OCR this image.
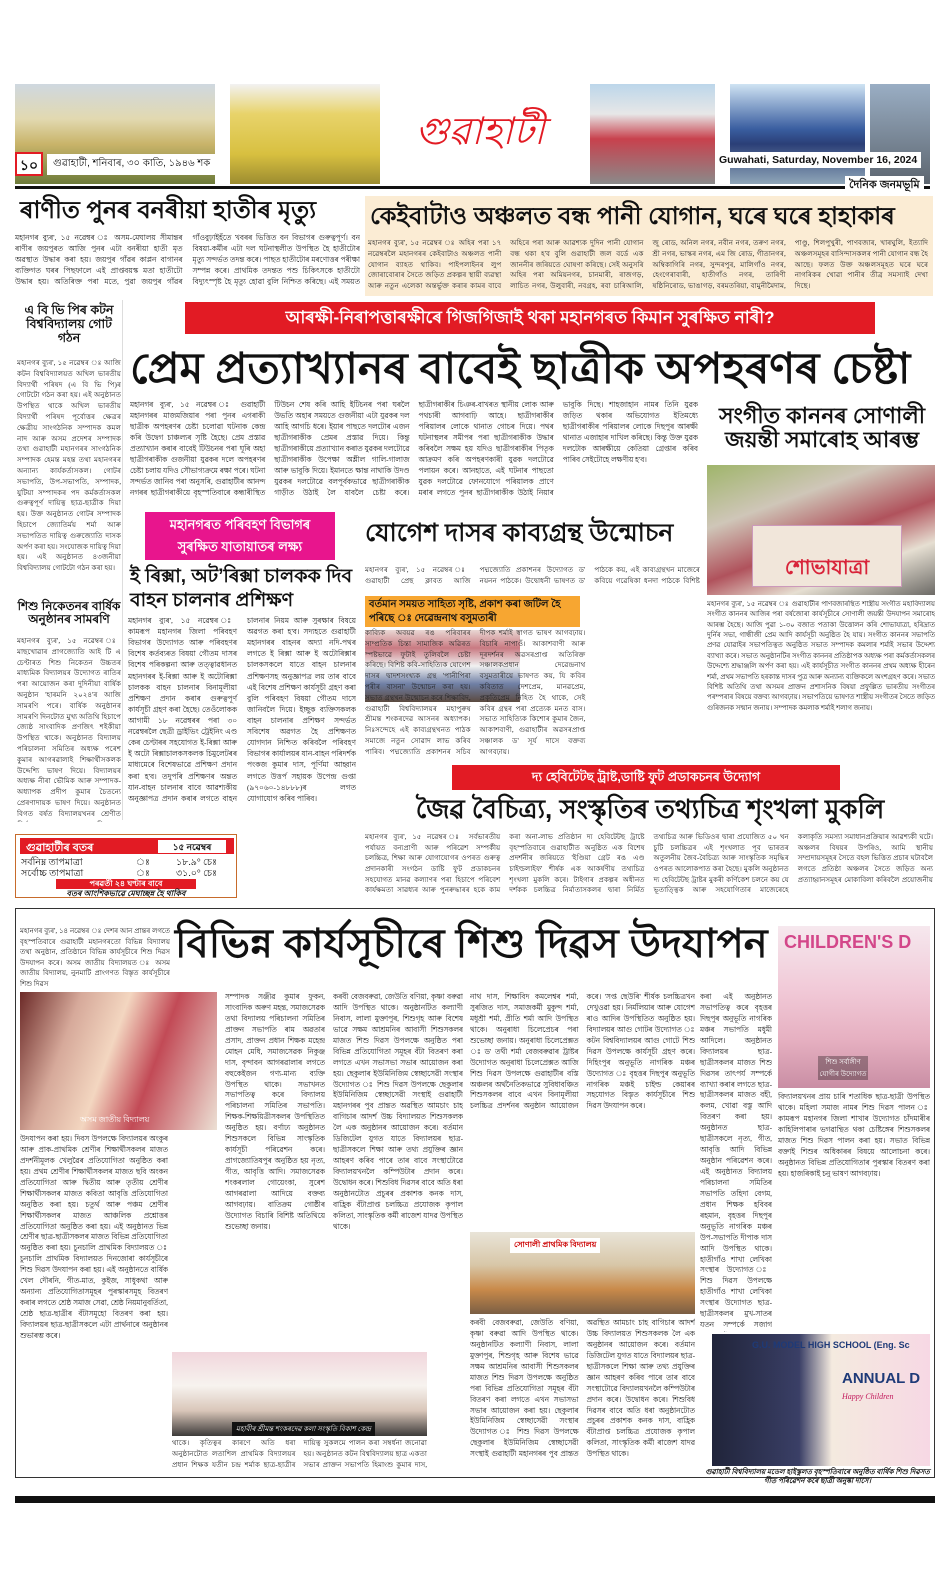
গুৱাহাটী
১০	গুৱাহাটী, শনিবাৰ, ৩০ কাতি, ১৯৪৬ শক	Guwahati, Saturday, November 16, 2024
দৈনিক জনমভূমি
ৰাণীত পুনৰ বনৰীয়া হাতীৰ মৃত্যু
মহানগৰ ব্যুৰ', ১৫ নৱেম্বৰ ঃ অসম-মেঘালয় সীমান্তৰ ৰাণীৰ জয়পুৰত আজি পুনৰ এটা বনৰীয়া হাতী মৃত অৱস্থাত উদ্ধাৰ কৰা হয়। জয়পুৰ গাঁৱৰ কাপ্লন বাগানৰ ব্যক্তিগত ঘৰৰ পিছফালে এই প্ৰাপ্তবয়স্ক মতা হাতীটো উদ্ধাৰ হয়। অতিৰিক্ত পৰা মতে, পুৱা জয়পুৰ গাঁৱৰ গাঁওবুঢ়াইহঁতে খবৰৰ ভিত্তিত বন বিভাগৰ গুৰুত্বপূৰ্ণ। বন বিষয়া-কৰ্মীৰ এটা দল ঘটনাস্থলীত উপস্থিত হৈ হাতীটোৰ মৃত্যু সন্দৰ্ভত তদন্ত কৰে। পাছত হাতীটোৰ মৰণোত্তৰ পৰীক্ষা সম্পন্ন কৰে। প্ৰাথমিক তদন্তত পশু চিকিৎসকে হাতীটো বিদ্যুৎস্পৃষ্ট হৈ মৃত্যু হোৱা বুলি নিশ্চিত কৰিছে। এই সময়ত
কেইবাটাও অঞ্চলত বন্ধ পানী যোগান, ঘৰে ঘৰে হাহাকাৰ
মহানগৰ ব্যুৰ', ১৫ নৱেম্বৰ ঃ অহিৰ পৰা ১৭ নৱেম্বৰলৈ মহানগৰৰ কেইবাটাও অঞ্চলত পানী যোগান ব্যাহত থাকিব। পাইপলাইনৰ লুপ জোৰাবোৰাৰ সৈতে জড়িত প্ৰকল্পৰ স্থায়ী ব্যৱস্থা আৰু নতুন এলেকা অন্তৰ্ভুক্ত কৰাৰ কামৰ বাবে অহিৰে পৰা আৰু আৱশ্যক দুদিন পানী যোগান বন্ধ থকা হ'ব বুলি গুৱাহাটী জল বৰ্ডে এক জাননীৰ জৰিয়তে ঘোষণা কৰিছে। সেই অনুসৰি অহিৰ পৰা অমিয়নগৰ, চানমাৰী, ৰাজগড়, লাচিত নগৰ, উলুবাৰী, নবগ্ৰহ, ৰবা চাৰিআলি, জু ৰোড, অনিল নগৰ, নবীন নগৰ, তৰুণ নগৰ, শ্ৰী নগৰ, ভাস্কৰ নগৰ, এম জি ৰোড, গীতানগৰ, অম্বিকাগিৰি নগৰ, সুন্দৰপুৰ, মালিগাঁও নগৰ, হেংগেৰাবাৰী, হাতীগাঁও নগৰ, তাৰিণী ষষ্ঠিনিৰোড, ভাঙাগড়, বৰমতৰিয়া, বামুনীমৈদাম, পাণ্ডু, শিলপুখুৰী, পাণবজাৰ, খাৰঘুলি, ইত্যাদি অঞ্চলসমূহৰ বাসিন্দাসকলৰ পানী যোগান বন্ধ হৈ আছে। ফলত উক্ত অঞ্চলসমূহত ঘৰে ঘৰে নাগৰিকৰ খোৱা পানীৰ তীব্ৰ সমস্যাই দেখা দিছে।
আৰক্ষী-নিৰাপত্তাৰক্ষীৰে গিজগিজাই থকা মহানগৰত কিমান সুৰক্ষিত নাৰী?
এ বি ভি পিৰ কটন বিশ্ববিদ্যালয় গোট গঠন
মহানগৰ ব্যুৰ', ১৫ নৱেম্বৰ ঃ আজি কটন বিশ্ববিদ্যালয়ত অখিল ভাৰতীয় বিদ্যাৰ্থী পৰিষদ (এ বি ভি পি)ৰ গোটটো গঠন কৰা হয়। এই অনুষ্ঠানত উপস্থিত থাকে অখিল ভাৰতীয় বিদ্যাৰ্থী পৰিষদ পূৰ্বোত্তৰ ক্ষেত্ৰৰ ক্ষেত্ৰীয় সাংগঠনিক সম্পাদক কমল নাদ আৰু অসম প্ৰদেশৰ সম্পাদক তথা গুৱাহাটী মহানগৰৰ সাংগঠনিক সম্পাদক হেমন্ত মহন্ত তথা মহানগৰৰ অন্যান্য কাৰ্যকৰ্তাসকল। গোটৰ সভাপতি, উপ-সভাপতি, সম্পাদক, যুটিয়া সম্পাদকৰ পদ কৰ্মকৰ্তাসকল গুৰুত্বপূৰ্ণ দায়িত্ব ছাত্ৰ-ছাত্ৰীক দিয়া হয়। উক্ত অনুষ্ঠানত গোটৰ সম্পাদক হিচাপে জ্যোতিৰ্ময় শৰ্মা আৰু সভাপতিত দায়িত্ব গুৰুজ্যোতি দাসক অৰ্পণ কৰা হয়। সংযোজক দায়িত্ব দিয়া হয়। এই অনুষ্ঠানত ৪৩জনীয়া বিশ্ববিদ্যালয় গোটটো গঠন কৰা হয়।
শিশু নিকেতনৰ বাৰ্ষিক অনুষ্ঠানৰ সামৰণি
মহানগৰ ব্যুৰ', ১৫ নৱেম্বৰ ঃ মাছখোৱাৰ প্ৰাগজ্যোতি আই টি এ চেণ্টাৰত শিশু নিকেতন উচ্চতৰ মাধ্যমিক বিদ্যালয়ৰ উদ্যোগত ৰাতিৰ পৰা আয়োজন কৰা দুদিনীয়া বাৰ্ষিক অনুষ্ঠান 'হাৰমনি ২০২৪'ৰ আজি সামৰণি পৰে। বাৰ্ষিক অনুষ্ঠানৰ সামৰণি দিনটোত মুখ্য অতিথি হিচাপে জ্যেষ্ঠ সাংবাদিক প্ৰণজিৎ শইকীয়া উপস্থিত থাকে। অনুষ্ঠানত বিদ্যালয় পৰিচালনা সমিতিৰ অধ্যক্ষ পৰেশ কুমাৰ আগৰৱালাই শিক্ষাৰ্থীসকলক উদ্দেশ্যি ভাষণ দিয়ে। বিদ্যালয়ৰ অধ্যক্ষ নীৰা ভৌমিক আৰু সম্পাদক-অধ্যাপক প্ৰদীপ কুমাৰ চৈতন্যে প্ৰেৰণাদায়ক ভাষণ দিয়ে। অনুষ্ঠানত বিগত বৰ্ষত বিদ্যালয়খনৰ শ্ৰেণীত
প্ৰেম প্ৰত্যাখ্যানৰ বাবেই ছাত্ৰীক অপহৰণৰ চেষ্টা
মহানগৰ ব্যুৰ', ১৫ নৱেম্বৰ ঃ গুৱাহাটী মহানগৰৰ মাজমজিয়াৰ পৰা পুনৰ এগৰাকী ছাত্ৰীক অপহৰণৰ চেষ্টা চলোৱা ঘটনাক কেন্দ্ৰ কৰি উদ্বেগ চাঞ্চল্যৰ সৃষ্টি হৈছে। প্ৰেম প্ৰস্তাৱ প্ৰত্যাখ্যান কৰাৰ বাবেই টিউচনৰ পৰা ঘূৰি অহা ছাত্ৰীগৰাকীক গুজনীয়া যুৱকৰ দলে অপহৰণৰ চেষ্টা চলায় যদিও সৌভাগ্যক্ৰমে ৰক্ষা পৰে। ঘটনা সন্দৰ্ভত জানিব পৰা অনুসৰি, গুৱাহাটীৰ আনন্দ নগৰৰ ছাত্ৰীগৰাকীয়ে বৃহস্পতিবাৰে কন্ধাৰীস্থিত টিউচন শেষ কৰি আহি ইটিচনৰ পৰা ঘৰলৈ উভতি অহাৰ সময়তে গুজনীয়া এটা যুৱকৰ দল আহি আগচি ধৰে। ইয়াৰ পাছতে দলটোৰ এজন ছাত্ৰীগৰাকীক প্ৰেমৰ প্ৰস্তাৱ দিয়ে। কিন্তু ছাত্ৰীগৰাকীয়ে প্ৰত্যাখ্যান কৰাত যুৱকৰ দলটোৱে ছাত্ৰীগৰাকীক উপেক্ষা অশ্লীল গালি-গালাজ আৰু ভাবুকি দিয়ে। ইমানতে ক্ষান্ত নাথাকি উদণ্ড যুৱকৰ দলটোৱে বলপূৰ্বকভাৱে ছাত্ৰীগৰাকীক গাড়ীত উঠাই লৈ যাবলৈ চেষ্টা কৰে। ছাত্ৰীগৰাকীৰ চিঞৰ-বাখৰত স্থানীয় লোক আৰু পথচাৰী আগবাঢ়ি আহে। ছাত্ৰীগৰাকীৰ পৰিয়ালৰ লোকে থানাত গোচৰ দিয়ে। পথৰ ঘটনাস্থলৰ সমীপৰ পৰা ছাত্ৰীগৰাকীক উদ্ধাৰ কৰিবলৈ সক্ষম হয় যদিও ছাত্ৰীগৰাকীৰ পিতৃক আক্ৰমণ কৰি অপহৰণকাৰী যুৱক দলটোৱে পলায়ন কৰে। আনহাতে, এই ঘটনাৰ পাছতো যুৱক দলটোৱে ফোনযোগে পৰিয়ালক প্ৰাণে মৰাৰ লগতে পুনৰ ছাত্ৰীগৰাকীক উঠাই নিয়াৰ ভাবুকি দিছে। শাহজাহান নামৰ তিনি যুৱক জড়িত থকাৰ অভিযোগত ইতিমধ্যে ছাত্ৰীগৰাকীৰ পৰিয়ালৰ লোকে দিছপুৰ আৰক্ষী থানাত এজাহাৰ দাখিল কৰিছে। কিন্তু উক্ত যুৱক দলটোক আৰক্ষীয়ে কেতিয়া গ্ৰেপ্তাৰ কৰিব পাৰিব সেইটোহে লক্ষণীয় হ'ব।
সংগীত কাননৰ সোণালী জয়ন্তী সমাৰোহ আৰম্ভ
শোভাযাত্ৰা
মহানগৰ ব্যুৰ', ১৫ নৱেম্বৰ ঃ গুৱাহাটীৰ পাণবজাৰস্থিত শাস্ত্ৰীয় সংগীত মহাবিদ্যালয় সংগীত কাননৰ আজিৰ পৰা বৰ্ষজোৰা কাৰ্যসূচীৰে সোণালী জয়ন্তী উদযাপন সমাৰোহ আৰম্ভ হৈছে। আজি পুৱা ১-৩০ বজাত পতাকা উত্তোলন কৰি শোভাযাত্ৰা, হৰিদ্ৰাত দুৰ্নিৰ সভা, গান্ধীজী প্ৰেম আদি কাৰ্যসূচী অনুষ্ঠিত হৈ যায়। সংগীত কাননৰ সভাপতি প্ৰণৱ যোৱাইৰ সভাপতিত্বত অনুষ্ঠিত সভাত সম্পাদক কমলাৰ শৰ্মাই সভাৰ উদ্দেশ্য ব্যাখ্যা কৰে। সভাত অনুষ্ঠানটিৰ সংগীত কাননৰ প্ৰতিষ্ঠাপক অধ্যক্ষ পৰা কৰ্মকৰ্তাসকলৰ উদ্দেশ্যে শ্ৰদ্ধাঞ্জলি অৰ্পণ কৰা হয়। এই কাৰ্যসূচীত সংগীত কাননৰ প্ৰথম অধ্যক্ষ হীৰেন শৰ্মা, প্ৰথম সভাপতি হৰকান্ত দাসৰ পুত্ৰ আৰু অন্যান্য ব্যক্তিকলে অংশগ্ৰহণ কৰে। সভাত বিশিষ্ট অতিথি তথা অসমৰ প্ৰাক্তন প্ৰশাসনিক বিষয়া প্ৰফুল্লিত ভাৰতীয় সংগীতৰ পৰম্পৰাৰ বিষয়ে বক্তব্য আগবঢ়ায়। সভাপতিয়ে ভাষণত শাস্ত্ৰীয় সংগীতৰ সৈতে জড়িত গুৰিজনক সন্মান জনায়। সম্পাদক কমলাক শৰ্মাই শলাগ জনায়।
মহানগৰত পৰিবহণ বিভাগৰ
সুৰক্ষিত যাতায়াতৰ লক্ষ্য
ই ৰিক্সা, অটʼৰিক্সা চালকক দিব বাহন চালনাৰ প্ৰশিক্ষণ
মহানগৰ ব্যুৰ', ১৫ নৱেম্বৰ ঃ কামৰূপ মহানগৰ জিলা পৰিবহণ বিভাগৰ উদ্যোগত আৰু পৰিবহণৰ বিশেষ কৰ্তব্যৰত বিষয়া গৌতম দাসৰ বিশেষ পৰিকল্পনা আৰু তত্ত্বাৱধানত মহানগৰৰ ই-ৰিক্সা আৰু ই অটোৰিক্সা চালকক বাহন চালনাৰ বিনামূলীয়া প্ৰশিক্ষণ প্ৰদান কৰাৰ গুৰুত্বপূৰ্ণ কাৰ্যসূচী গ্ৰহণ কৰা হৈছে। তেওঁলোকক আগামী ১৮ নৱেম্বৰৰ পৰা ৩০ নৱেম্বৰলৈ ছেত্ৰী ড্ৰাইভিং ট্ৰেইনিং এণ্ড কেৰ চেণ্টাৰৰ সহযোগত ই-ৰিক্সা আৰু ই অটো ৰিক্সাচালকসকলক চিমুলেটৰৰ মাধ্যমেৰে বিশেষভাৱে প্ৰশিক্ষণ প্ৰদান কৰা হ'ব। তদুপৰি প্ৰশিক্ষণৰ অন্তত যান-বাহন চালনাৰ বাবে আৱশ্যকীয় অনুজ্ঞাপত্ৰ প্ৰদান কৰাৰ লগতে বাহন চালনাৰ নিয়ম আৰু সুৰক্ষাৰ বিষয়ে অৱগত কৰা হ'ব। সদ্যহতে গুৱাহাটী মহানগৰৰ বাহনৰ অদ্যা নদি-পথৰ লগতে ই ৰিক্সা আৰু ই অটোৰিক্সাৰ চালকসকলে যাতে বাহন চালনাৰ প্ৰশিক্ষণসহ অনুজ্ঞাপত্ৰ লয় তাৰ বাবে এই বিশেষ প্ৰশিক্ষণ কাৰ্যসূচী গ্ৰহণ কৰা বুলি পৰিবহণ বিষয়া গৌতম দাসে জানিবলৈ দিয়ে। ইচ্ছুক ব্যক্তিসকলক বাহন চালনাৰ প্ৰশিক্ষণ সন্দৰ্ভত সবিশেষ অৱগত হৈ প্ৰশিক্ষণত যোগদান নিশ্চিত কৰিবলৈ পৰিবহণ বিভাগৰ কাৰ্যালয়ৰ যান-বাহন পৰিদৰ্শক পংকজ কুমাৰ দাস, পূৰ্ণিমা আহ্বান লগতে উত্তৰ্প সহায়ক উপেন্দ্ৰ গুপ্তা (৯৭০৬০-১৪৮৮৮)ৰ লগত যোগাযোগ কৰিব পাৰিব।
যোগেশ দাসৰ কাব্যগ্ৰন্থ উন্মোচন
মহানগৰ ব্যুৰ', ১৫ নৱেম্বৰ ঃ গুৱাহাটী প্ৰেছ ক্লাবত আজি পদ্মজ্যোতি প্ৰকাশনৰ উদ্যোগত ড' নয়নন পাঠকে। উদ্বোধনী ভাষণত ড' পাঠকে কয়, এই কাব্যগ্ৰন্থখন মাজেৰে কবিয়ে গৱেষিকা ধনদা পাঠকে বিশিষ্ট
বৰ্তমান সময়ত সাহিত্য সৃষ্টি, প্ৰকাশ কৰা জটিল হৈ পৰিছে ঃ দেৱেন্দ্ৰনাথ বসুমতাৰী
কাব্যিক অবয়ৱ ৰঙ পৰিবাৰৰ সাম্প্ৰতিক চিন্তা সামাজিক অৱিৰত স্পষ্টভাৱে ফুটাই তুলিবলৈ চেষ্টা কৰিছে। বিশিষ্ট কবি-সাহিত্যিক যোগেশ দাসৰ দ্বাদশসংখ্যক গ্ৰন্থ 'পানীপিৰা পৰীৰ বাসনা' উন্মোচন কৰা হয়। সভাত গ্ৰন্থখন উন্মোচন কৰে শিক্ষাবিদ, গুৱাহাটী বিশ্ববিদ্যালয়ৰ মহাপুৰুষ শ্ৰীমন্ত শংকৰদেৱ আসনৰ অধ্যাপক। নিঃসন্দেহে এই কাব্যগ্ৰন্থখনত পাঠক সমাজে নতুন সোৱাদ লাভ কৰিব পাৰিব। পদ্মজ্যোতি প্ৰকাশনৰ সচিব দীপক শৰ্মাই স্বাগত ভাষণ আগবঢ়ায়। বিচাৰি নাপাওঁ। আকাশবাণী আৰু দূৰদৰ্শনৰ অৱসৰপ্ৰাপ্ত অতিৰিক্ত সঞ্চালকপ্ৰধান দেৱেন্দ্ৰনাথ বসুমতাৰীয়ে ভাষণত কয়, যি কবিৰ কবিতাত দেশপ্ৰেম, মানৱপ্ৰেম, প্ৰকৃতিপ্ৰেম নিহিত হৈ থাকে, সেই কবিৰ গ্ৰন্থৰ পৰা প্ৰত্যেক মনত বাস। সভাত সাহিত্যিক কিশোৰ কুমাৰ জৈন, আকাশবাণী, গুৱাহাটীৰ অৱসৰপ্ৰাপ্ত সঞ্চালক ড' সূৰ্য দাসে বক্তব্য আগবঢ়ায়।
দ্য হেবিটেটছ ট্ৰাষ্ট,ডাষ্টি ফুট প্ৰডাকচনৰ উদ্যোগ
জৈৱ বৈচিত্ৰ্য, সংস্কৃতিৰ তথ্যচিত্ৰ শৃংখলা মুকলি
মহানগৰ ব্যুৰ', ১৫ নৱেম্বৰ ঃ সৰ্বভাৰতীয় পৰ্যায়ত বন্যপ্ৰাণী আৰু পৰিৱেশ সম্পৰ্কীয় চলচ্চিত্ৰ, শিক্ষা আৰু যোগাযোগৰ ওপৰত গুৰুত্ব প্ৰদানকাৰী সংগঠন ডাষ্টি ফুট প্ৰডাকচনৰ সহযোগত মানৱ কল্যাণৰ পৰা হিচাপে পৰিবেশ কাৰ্যক্ষমতা সাৱধ্যৰ আৰু পুনৰুদ্ধাৰৰ হকে কাম কৰা অনা-লাভ প্ৰতিষ্ঠান দ্য হেবিটেটছ ট্ৰাষ্টে বৃহস্পতিবাৰে গুৱাহাটীত অনুষ্ঠিত এক বিশেষ প্ৰদৰ্শনীৰ জৰিয়তে 'ইণ্ডিয়া গ্ৰেট ৰঙ এণ্ড চাইল্ডলাইফ' শীৰ্ষক এক আকৰ্ষণীয় তথ্যচিত্ৰ শৃংখলা মুকলি কৰে। টাইগাৰ প্ৰকল্পৰ অধীনত দৰ্শকক চলচ্চিত্ৰ নিৰ্মাতাসকলৰ দ্বাৰা নিৰ্মিত তথ্যচিত্ৰ আৰু ভিডিওৰ দ্বাৰা প্ৰযোজিত ৫০ খন চুটি চলচ্চিত্ৰৰ এই শৃংখলাত পূব ভাৰতৰ অতুলনীয় জৈব-বৈচিত্ৰ্য আৰু সাংস্কৃতিক সমৃদ্ধিৰ ওপৰত আলোকপাত কৰা হৈছে। মুকলি অনুষ্ঠানত দ্য হেবিটেটছ ট্ৰাষ্টৰ মুকৰী কৰ্ণিকেশ চলনে কয় যে ভূতাত্ত্বিক আৰু সহযোগিতাৰ মাজেৰেহে কলাকৃতি সমস্যা সমাধানপ্ৰক্ৰিয়াৰ আৱশ্যকী ঘটে। অঞ্চলৰ বিষয়ৰ উপৰিও, আমি স্থানীয় সম্প্ৰদায়সমূহৰ সৈতে বহল ভিত্তিত প্ৰচাৰ ঘটাবলৈ লগতে প্ৰতিষ্ঠা অঞ্চলৰ সৈতে জড়িত অন্য প্ৰত্যাহ্বানসমূহৰ মোকাবিলা কৰিবলৈ প্ৰয়োজনীয়
গুৱাহাটীৰ বতৰ	১৫ নৱেম্বৰ
সৰ্বনিম্ন তাপমাত্ৰা	ঃ	১৮.৯° চেঃ
সৰ্বোচ্চ তাপমাত্ৰা	ঃ	৩১.০° চেঃ
পৰৱৰ্তী ২৪ ঘণ্টাৰ বাবে
বতৰ আংশিকভাৱে মেঘাচ্ছন্ন হৈ থাকিব
মহানগৰ ব্যুৰ', ১৪ নৱেম্বৰ ঃ দেশৰ আন প্ৰান্তৰ লগতে বৃহস্পতিবাৰে গুৱাহাটী মহানগৰতো বিভিন্ন বিদ্যালয় তথা অনুষ্ঠান, প্ৰতিষ্ঠানে বিভিন্ন কাৰ্যসূচীৰে শিশু দিৱস উদযাপন কৰে। অসম জাতীয় বিদ্যালয়ত ঃ অসম জাতীয় বিদ্যালয়, নুনমাটি প্ৰাংগণত বিস্তৃত কাৰ্যসূচীৰে শিশু দিৱস
বিভিন্ন কাৰ্যসূচীৰে শিশু দিৱস উদযাপন
অসম জাতীয় বিদ্যালয়
CHILDREN'S D
শিশু সৰ্বাঙ্গীণ যোগীৰ উদ্যোগত
উদযাপন কৰা হয়। দিবস উপলক্ষে বিদ্যালয়ৰ অংকুৰ আৰু প্ৰাক-প্ৰাথমিক শ্ৰেণীৰ শিক্ষাৰ্থীসকলৰ মাজত প্ৰদৰ্শনীমূলক খেলুৱৈৰ প্ৰতিযোগিতা অনুষ্ঠিত কৰা হয়। প্ৰথম শ্ৰেণীৰ শিক্ষাৰ্থীসকলৰ মাজত ছবি অংকন প্ৰতিযোগিতা আৰু দ্বিতীয় আৰু তৃতীয় শ্ৰেণীৰ শিক্ষাৰ্থীসকলৰ মাজত কবিতা আবৃত্তি প্ৰতিযোগিতা অনুষ্ঠিত কৰা হয়। চতুৰ্থ আৰু পঞ্চম শ্ৰেণীৰ শিক্ষাৰ্থীসকলৰ মাজত আঞ্চলিক প্ৰশ্নোত্তৰ প্ৰতিযোগিতা অনুষ্ঠিত কৰা হয়। এই অনুষ্ঠানত ভিন্ন শ্ৰেণীৰ ছাত্ৰ-ছাত্ৰীসকলৰ মাজত বিভিন্ন প্ৰতিযোগিতা অনুষ্ঠিত কৰা হয়। চুনচালি প্ৰাথমিক বিদ্যালয়ত ঃ চুনচালি প্ৰাথমিক বিদ্যালয়ত দিনজোৰা কাৰ্যসূচীৰে শিশু দিৱস উদযাপন কৰা হয়। এই অনুষ্ঠানতে বাৰ্ষিক খেল দৌৰনি, গীত-মাত, কুইজ, সাধুকথা আৰু অন্যান্য প্ৰতিযোগিতাসমূহৰ পুৰস্কাৰসমূহ বিতৰণ কৰাৰ লগতে শ্ৰেষ্ঠ সমাজ সেৱা, শ্ৰেষ্ঠ নিয়মানুবৰ্তিতা, শ্ৰেষ্ঠ ছাত্ৰ-ছাত্ৰীৰ বঁটাসমূহো বিতৰণ কৰা হয়। বিদ্যালয়ৰ ছাত্ৰ-ছাত্ৰীসকলে এটা প্ৰাৰ্থনাৰে অনুষ্ঠানৰ শুভাৰম্ভ কৰে।
সম্পাদক সঞ্জীৱ কুমাৰ ফুকন, সাংবাদিক অৰুণ মহন্ত, সমাজসেৱক তথা বিদ্যালয় পৰিচালনা সমিতিৰ প্ৰাক্তন সভাপতি ৰাম অৱতাৰ প্ৰসাদ, প্ৰাক্তন প্ৰধান শিক্ষক মহেন্দ্ৰ মোহন মেধি, সমাজসেৱক নিকুঞ্জ দাস, বৃন্দাবন আগৰৱালাৰ লগতে বহুকেইজন গণ্য-মান্য ব্যক্তি উপস্থিত থাকে। সভাখনত সভাপতিত্ব কৰে বিদ্যালয় পৰিচালনা সমিতিৰ সভাপতি। শিক্ষক-শিক্ষয়িত্ৰীসকলৰ উপস্থিতিত অনুষ্ঠিত হয়। বৰ্ণাঢ্য অনুষ্ঠানত শিশুসকলে বিভিন্ন সাংস্কৃতিক কাৰ্যসূচী পৰিৱেশন কৰে। প্ৰাগজ্যোতিষপুৰ অনুষ্ঠিত হয় নৃত্য, গীত, আবৃত্তি আদি। সমাজসেৱক শংকৰলাল গোয়েংকা, সুৰেশ আগৰৱালা আদিয়ে বক্তব্য আগবঢ়ায়। বাতিক্ৰম গোষ্ঠীৰ উদ্যোগত বিচাৰি বিশিষ্ট অতিথিয়ে শুভেচ্ছা জনায়।
কৰবী বেজবৰুৱা, জেউতি বণিয়া, কৃষ্ণা বৰুৱা আদি উপস্থিত থাকে। অনুষ্ঠানটিত কল্যাণী নিবাস, লালা মুক্তাপুৰ, শিশুগৃহ আৰু বিশেষ ভাৱে সক্ষম আশ্ৰমনিৰ আবাসী শিশুসকলৰ মাজত শিশু দিৱস উপলক্ষে অনুষ্ঠিত পৰা বিভিন্ন প্ৰতিযোগিতা সমূহৰ বঁটা বিতৰণ কৰা লগতে এখন সভাসভা সভাৰ আয়োজন কৰা হয়। ছেকুলাৰ ইউমিনিজিম স্বেচ্ছাসেৱী সংস্থাৰ উদ্যোগত ঃ শিশু দিৱস উপলক্ষে ছেকুলাৰ ইউমিনিজিম স্বেচ্ছাসেৱী সংস্থাই গুৱাহাটী মহানগৰৰ পুব প্ৰান্তত অৱস্থিত আমচাং চাহ বাগিচাৰ আদৰ্শ উচ্চ বিদ্যালয়ত শিশুসকলক লৈ এক অনুষ্ঠানৰ আয়োজন কৰে। বৰ্তমান ডিজিটেল যুগত যাতে বিদ্যালয়ৰ ছাত্ৰ-ছাত্ৰীসকলে শিক্ষা আৰু তথ্য প্ৰযুক্তিৰ জ্ঞান আহৰণ কৰিব পাৰে তাৰ বাবে সংস্থাটোৱে বিদ্যালয়খনলৈ কম্পিউটাৰ প্ৰদান কৰে। উদ্বোধন কৰে। শিশুবিধ দিৱসৰ বাবে অতি ধৰা অনুষ্ঠানটোত প্ৰচুৰৰ প্ৰকাশক কনক দাস, বাহ্ৰিক বঁটাপ্ৰাপ্ত চলচ্চিত্ৰ প্ৰযোজক কৃপাল কলিতা, সাংস্কৃতিক কৰ্মী ৰাজেশ যাদৱ উপস্থিত থাকে।
মহাবীৰ শ্ৰীমন্ত শংকৰদেৱ কলা সংস্কৃতি বিকাশ কেন্দ্ৰ
থাকে। কৃতিত্বৰ কাৰণে অতি ধৰা অনুষ্ঠানটোত লতাশিল প্ৰাথমিক বিদ্যালয়ৰ প্ৰধান শিক্ষক যতীন চন্দ্ৰ শৰ্মাক ছাত্ৰ-ছাত্ৰীৰ দায়িত্ব সুকলমে পালন কৰা সম্বৰ্ধনা জনোৱা হয়। অনুষ্ঠানত কটন বিশ্ববিদ্যালয় ছাত্ৰ একতা সভাৰ প্ৰাক্তন সভাপতি হিমাংশু কুমাৰ দাস,
সোণালী প্ৰাথমিক বিদ্যালয়
নাথ দাস, শিক্ষাবিদ কমলেশ্বৰ শৰ্মা, সুৰজিত দাস, সমাজকৰ্মী মুকুন্দ শৰ্মা, মধুশ্ৰী শৰ্মা, প্ৰীতি শৰ্মা আদি উপস্থিত থাকে। অনুৰাধা চিলেপ্ৰেচৰ পৰা শুভেচ্ছা জনায়। অনুৰাধা চিলেপ্ৰেক্সত ঃ ড' তথী শৰ্মা বেজবৰুৱাৰ ট্ৰাষ্টৰ উদ্যোগত অনুৰাধা চিলেপ্ৰেক্সত আজি শিশু দিৱস উপলক্ষে গুৱাহাটীৰ বস্তি অঞ্চলৰ অৰ্থনৈতিকভাৱে সুবিধাবঞ্চিত শিশুসকলৰ বাবে এখন বিনামূলীয়া চলচ্চিত্ৰ প্ৰদৰ্শনৰ অনুষ্ঠান আয়োজন কৰে। 'সপ্ত ছেউৰি' শীৰ্ষক চলচ্চিত্ৰখন দেখুওৱা হয়। নিৰ্মলিয়াৰ আৰু যোগেশ ৰাও আদিৰ উপস্থিতিত অনুষ্ঠিত হয়। বিদ্যালয়ৰ আগু গোটৰ উদ্যোগত ঃ কটন বিশ্ববিদ্যালয়ৰ আগু গোটে শিশু দিৱস উপলক্ষে কাৰ্যসূচী গ্ৰহণ কৰে। দিহিংপুৰ অনুভূতি নাগৰিক মঞ্চৰ উদ্যোগত ঃ বৃহত্তৰ দিছপুৰ অনুভূতি নাগৰিক মঞ্চই চাইল্ড কেয়াৰৰ সহযোগত বিস্তৃত কাৰ্যসূচীৰে শিশু দিৱস উদযাপন কৰে।
কৰবী বেজবৰুৱা, জেউতি বণিয়া, কৃষ্ণা বৰুৱা আদি উপস্থিত থাকে। অনুষ্ঠানটিত কল্যাণী নিবাস, লালা মুক্তাপুৰ, শিশুগৃহ আৰু বিশেষ ভাৱে সক্ষম আশ্ৰমনিৰ আবাসী শিশুসকলৰ মাজত শিশু দিৱস উপলক্ষে অনুষ্ঠিত পৰা বিভিন্ন প্ৰতিযোগিতা সমূহৰ বঁটা বিতৰণ কৰা লগতে এখন সভাসভা সভাৰ আয়োজন কৰা হয়। ছেকুলাৰ ইউমিনিজিম স্বেচ্ছাসেৱী সংস্থাৰ উদ্যোগত ঃ শিশু দিৱস উপলক্ষে ছেকুলাৰ ইউমিনিজিম স্বেচ্ছাসেৱী সংস্থাই গুৱাহাটী মহানগৰৰ পুব প্ৰান্তত অৱস্থিত আমচাং চাহ বাগিচাৰ আদৰ্শ উচ্চ বিদ্যালয়ত শিশুসকলক লৈ এক অনুষ্ঠানৰ আয়োজন কৰে। বৰ্তমান ডিজিটেল যুগত যাতে বিদ্যালয়ৰ ছাত্ৰ-ছাত্ৰীসকলে শিক্ষা আৰু তথ্য প্ৰযুক্তিৰ জ্ঞান আহৰণ কৰিব পাৰে তাৰ বাবে সংস্থাটোৱে বিদ্যালয়খনলৈ কম্পিউটাৰ প্ৰদান কৰে। উদ্বোধন কৰে। শিশুবিধ দিৱসৰ বাবে অতি ধৰা অনুষ্ঠানটোত প্ৰচুৰৰ প্ৰকাশক কনক দাস, বাহ্ৰিক বঁটাপ্ৰাপ্ত চলচ্চিত্ৰ প্ৰযোজক কৃপাল কলিতা, সাংস্কৃতিক কৰ্মী ৰাজেশ যাদৱ উপস্থিত থাকে।
কৰা এই অনুষ্ঠানত সভাপতিত্ব কৰে বৃহত্তৰ দিছপুৰ অনুভূতি নাগৰিক মঞ্চৰ সভাপতি মধুমী আদিলে। অনুষ্ঠানত বিদ্যালয়ৰ ছাত্ৰ-ছাত্ৰীসকলৰ মাজত শিশু দিৱসৰ তাৎপৰ্য সম্পৰ্কে ব্যাখ্যা কৰাৰ লগতে ছাত্ৰ-ছাত্ৰীসকলৰ মাজত বহী, কলম, খোৱা বস্তু আদি বিতৰণ কৰা হয়। অনুষ্ঠানত ছাত্ৰ-ছাত্ৰীসকলে নৃত্য, গীত, আবৃত্তি আদি বিভিন্ন অনুষ্ঠান পৰিৱেশন কৰে। এই অনুষ্ঠানত বিদ্যালয় পৰিচালনা সমিতিৰ সভাপতি তহিদা বেগম, প্ৰধান শিক্ষক হবিবৰ ৰহমান, বৃহত্তৰ দিছপুৰ অনুভূতি নাগৰিক মঞ্চৰ উপ-সভাপতি দীপাক দাস আদি উপস্থিত থাকে। হাতীগাঁও শাখা লেখিকা সংস্থাৰ উদ্যোগত ঃ শিশু দিৱস উপলক্ষে হাতীগাঁও শাখা লেখিকা সংস্থাৰ উদ্যোগত ছাত্ৰ-ছাত্ৰীসকলৰ মুখ-সাতৰ যতন সম্পৰ্কে সজাগ
বিদ্যালয়খনৰ প্ৰায় চাৰি শতাধিক ছাত্ৰ-ছাত্ৰী উপস্থিত থাকে। মহিলা সমাজ নামৰ শিশু দিৱস পালন ঃ কামৰূপ মহানগৰ জিলা শাখাৰ উদ্যোগত চাঁদমাৰীৰ কাহিলিপাৰাৰ ভগৱান্থিত থকা চেষ্টিঙ্গেৰ শিশুসকলৰ মাজত শিশু দিৱস পালন কৰা হয়। সভাত বিভিন্ন বক্তাই শিশুৰ অধিকাৰৰ বিষয়ে আলোচনা কৰে। অনুষ্ঠানত বিভিন্ন প্ৰতিযোগিতাৰ পুৰস্কাৰ বিতৰণ কৰা হয়। হাজৰিকাই চনু ভাষণ আগবঢ়ায়।
G.U. MODEL HIGH SCHOOL (Eng. Sc
ANNUAL D
Happy Children
গুৱাহাটী বিশ্ববিদ্যালয় মডেল হাইস্কুলত বৃহস্পতিবাৰে অনুষ্ঠিত বাৰ্ষিক শিশু দিৱসত গীত পৰিৱেশন কৰে ছাত্ৰী অনুষ্কা দাসে।
